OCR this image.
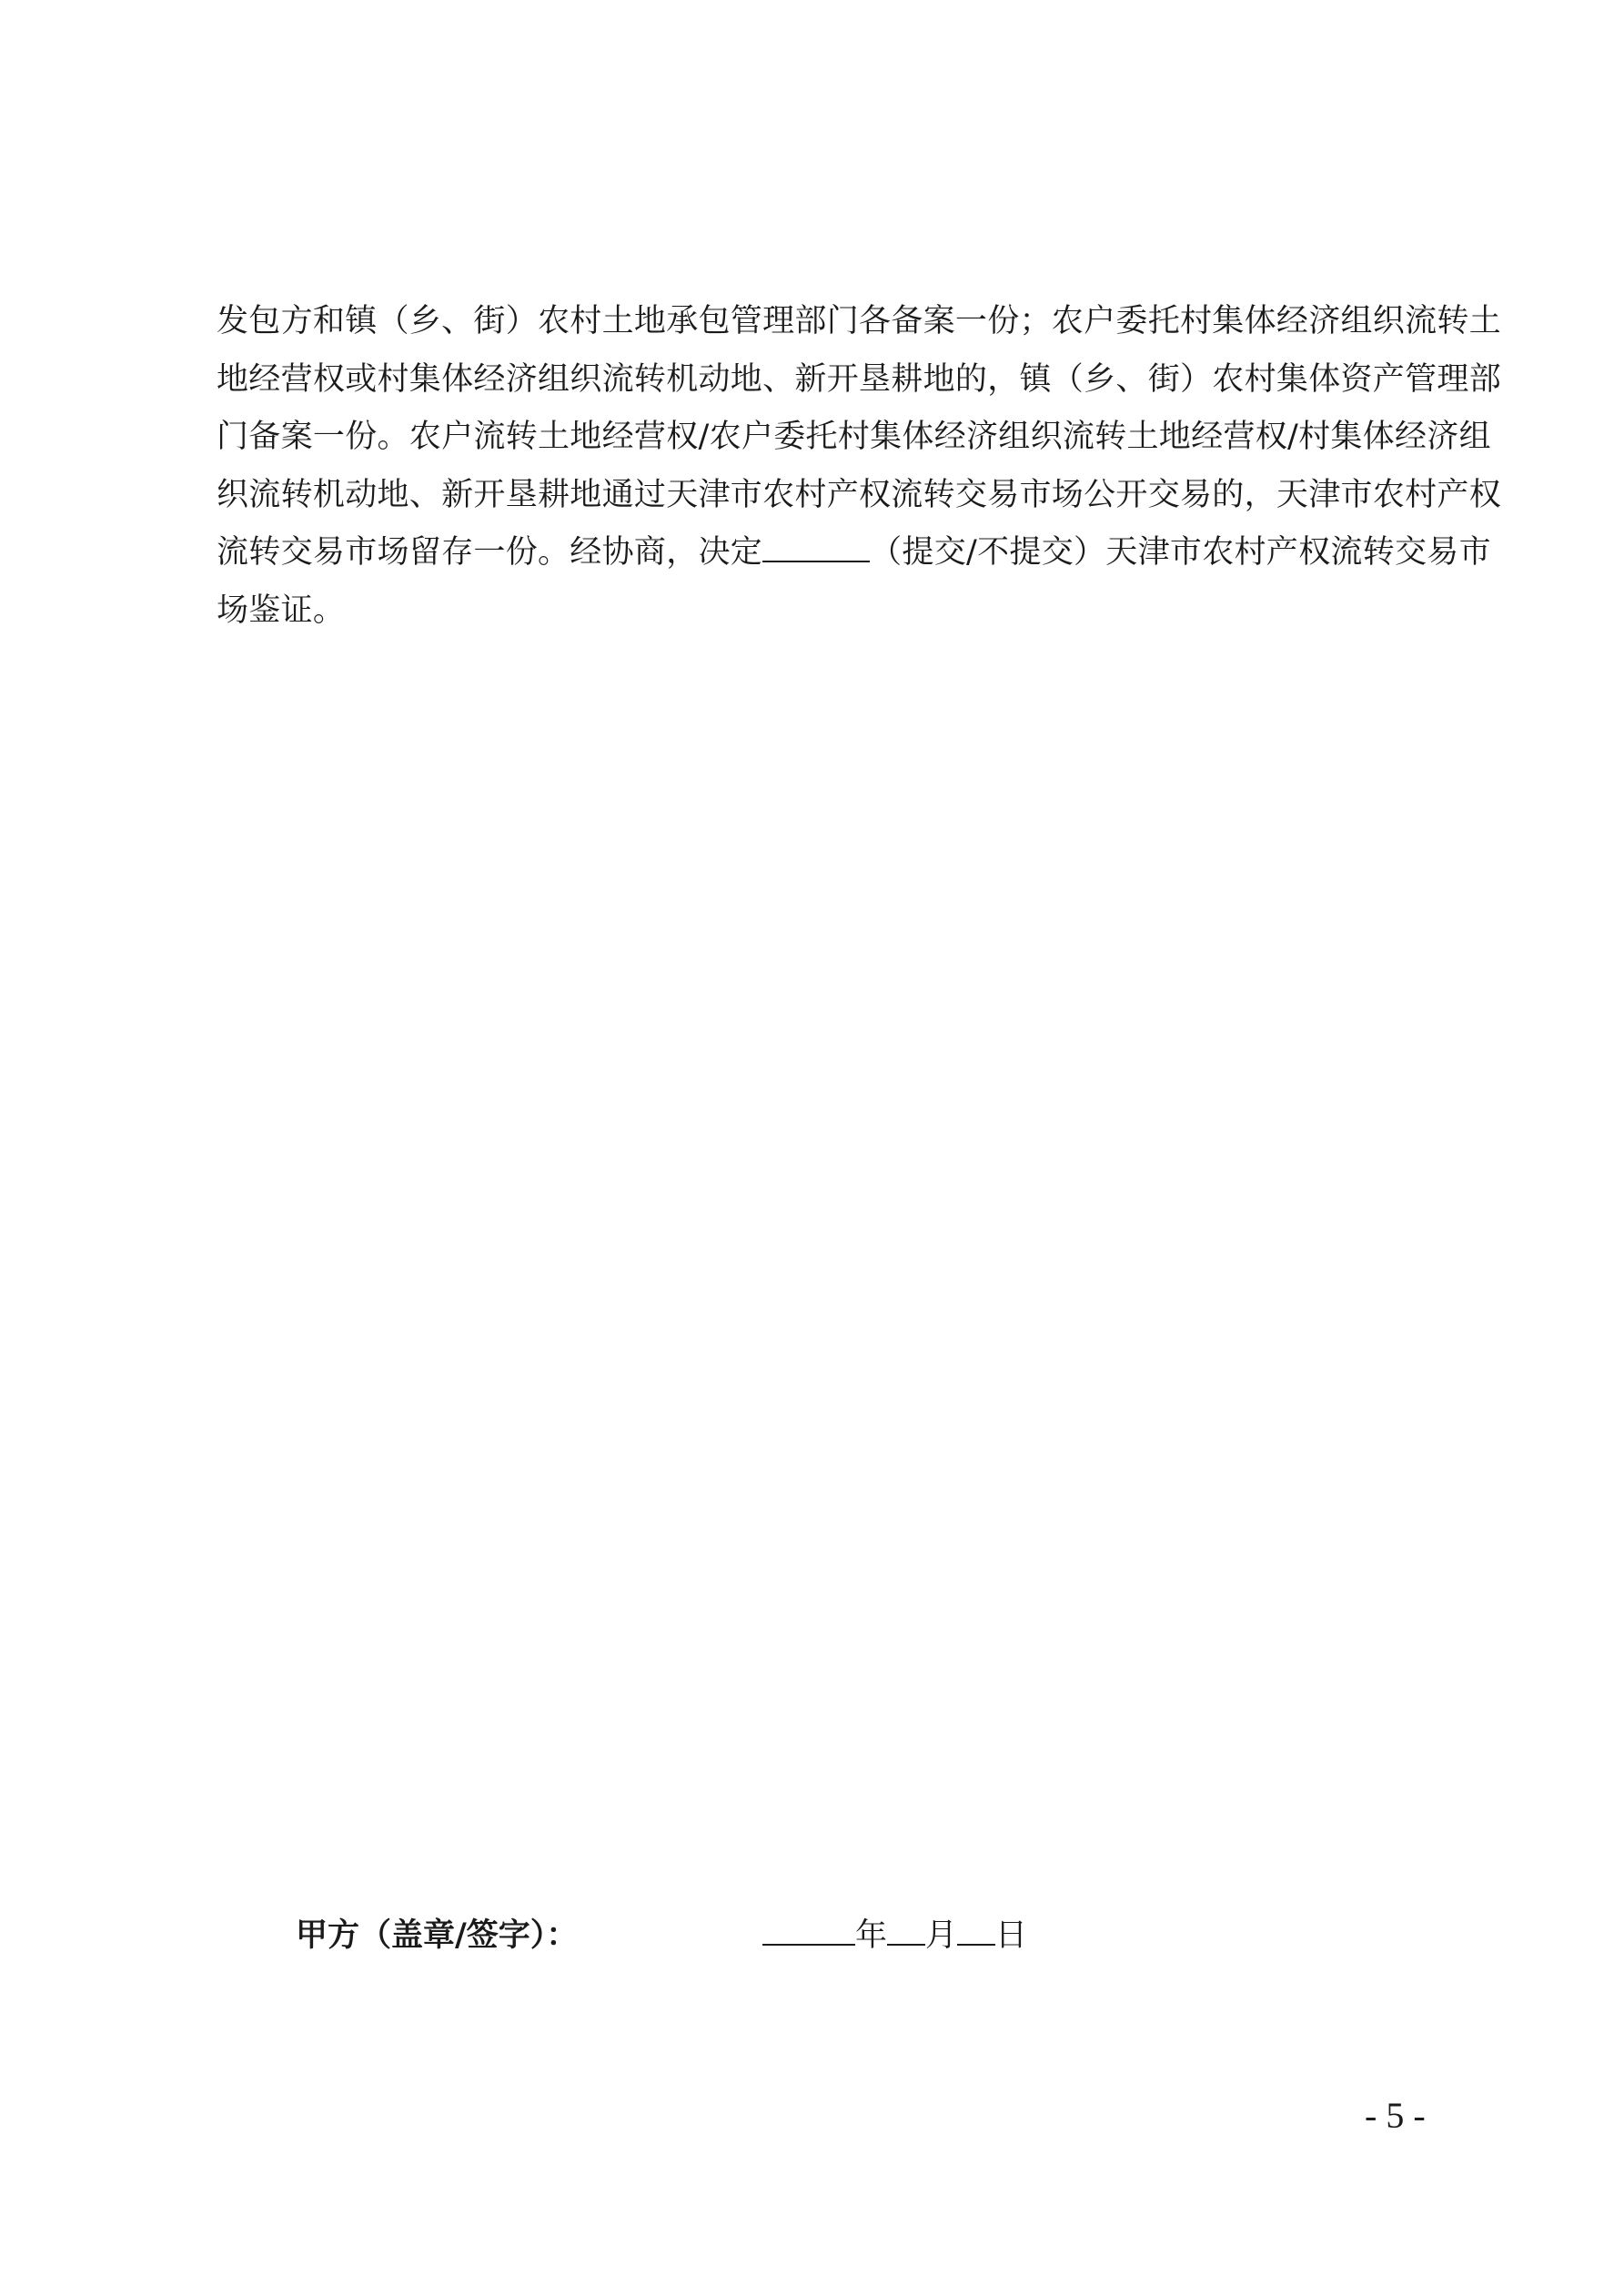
发包方和镇（乡、街）农村土地承包管理部门各备案一份；农户委托村集体经济组织流转土
地经营权或村集体经济组织流转机动地、新开垦耕地的，镇（乡、街）农村集体资产管理部
门备案一份。农户流转土地经营权/农户委托村集体经济组织流转土地经营权/村集体经济组
织流转机动地、新开垦耕地通过天津市农村产权流转交易市场公开交易的，天津市农村产权
流转交易市场留存一份。经协商，决定	（提交/不提交）天津市农村产权流转交易市
场鉴证。
甲方（盖章/签字）：	年 月 日
- 5 -
